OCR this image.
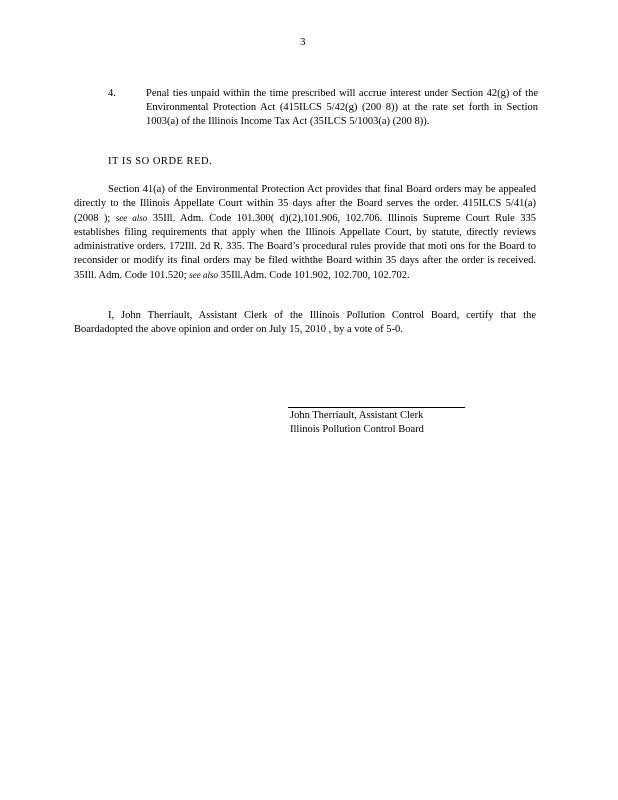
3
4.	Penal ties unpaid within the time prescribed will accrue interest under Section 42(g) of the Environmental Protection Act (415ILCS 5/42(g) (200 8)) at the rate set forth in Section 1003(a) of the Illinois Income Tax Act (35ILCS 5/1003(a) (200 8)).
IT IS SO ORDE RED.
Section 41(a) of the Environmental Protection Act provides that final Board orders may be appealed directly to the Illinois Appellate Court within 35 days after the Board serves the order. 415ILCS 5/41(a) (2008 ); see also 35Ill. Adm. Code 101.300( d)(2),101.906, 102.706. Illinois Supreme Court Rule 335 establishes filing requirements that apply when the Illinois Appellate Court, by statute, directly reviews administrative orders. 172Ill. 2d R. 335. The Board’s procedural rules provide that moti ons for the Board to reconsider or modify its final orders may be filed withthe Board within 35 days after the order is received. 35Ill. Adm. Code 101.520; see also 35Ill.Adm. Code 101.902, 102.700, 102.702.
I, John Therriault, Assistant Clerk of the Illinois Pollution Control Board, certify that the Boardadopted the above opinion and order on July 15, 2010 , by a vote of 5-0.
John Therriault, Assistant Clerk
Illinois Pollution Control Board
